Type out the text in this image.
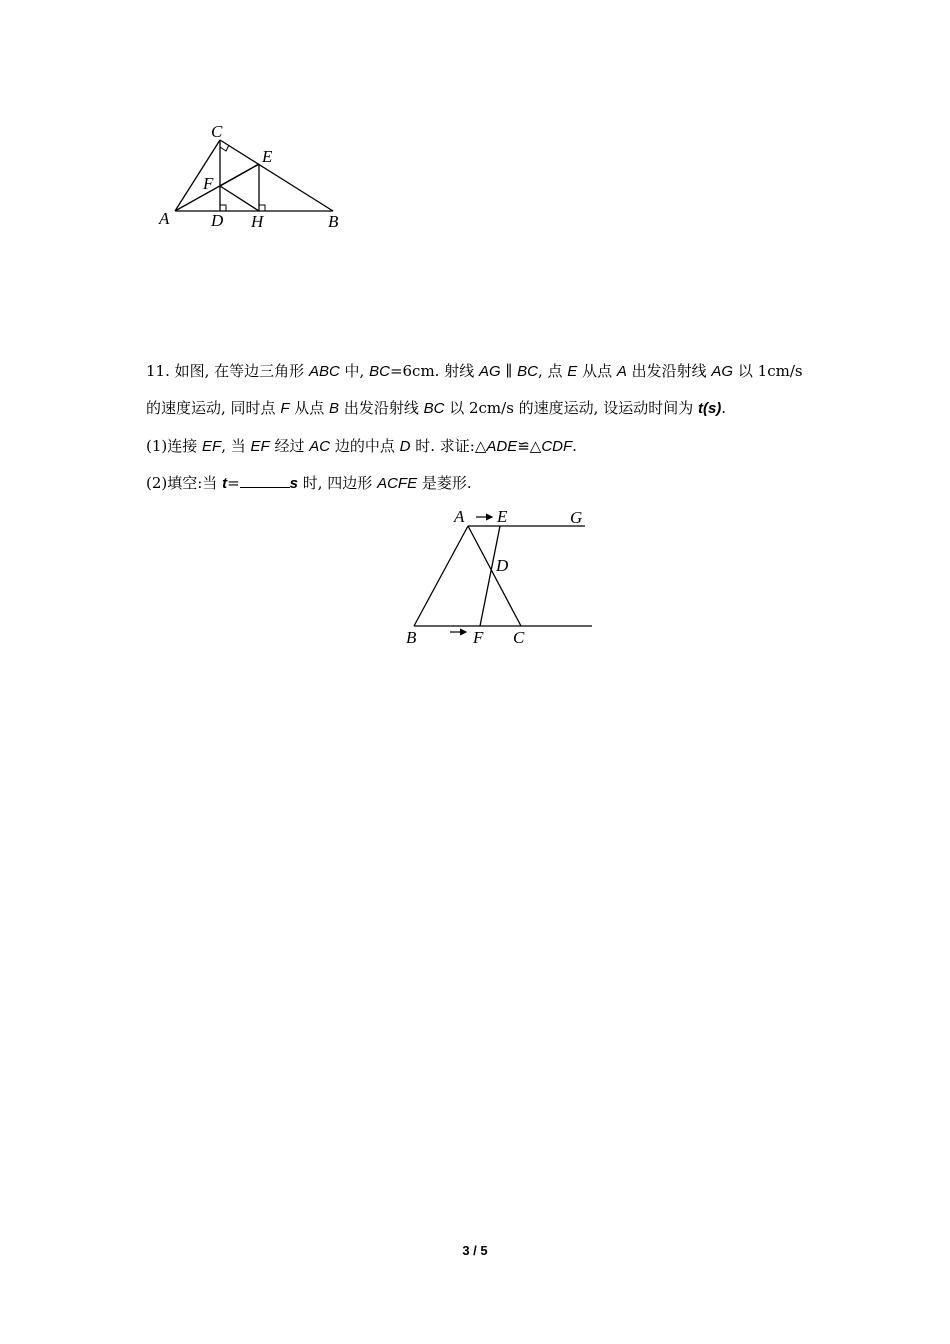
C
E
F
A D H	B
11. 如图, 在等边三角形 ABC 中, BC=6cm. 射线 AG ∥ BC, 点 E 从点 A 出发沿射线 AG 以 1cm/s
的速度运动, 同时点 F 从点 B 出发沿射线 BC 以 2cm/s 的速度运动, 设运动时间为 t(s).
(1)连接 EF, 当 EF 经过 AC 边的中点 D 时. 求证:△ADE≌△CDF.
(2)填空:当 t=	s 时, 四边形 ACFE 是菱形.
A E	G
D
B	F C
3 / 5
